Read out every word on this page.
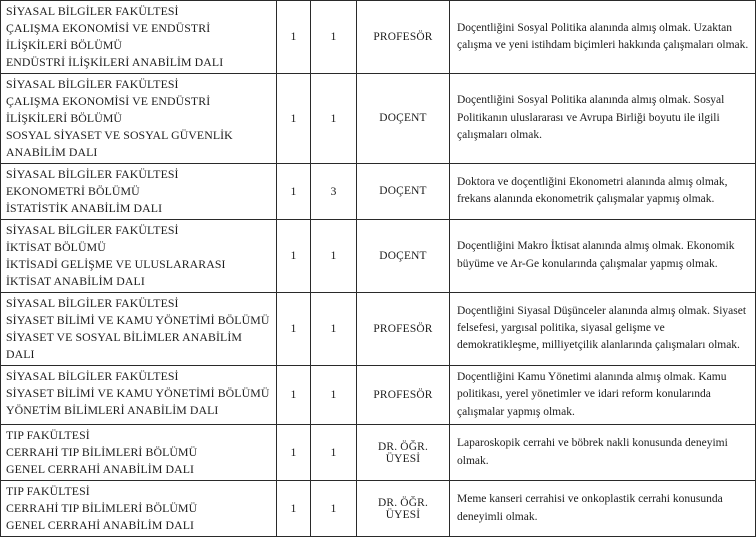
SİYASAL BİLGİLER FAKÜLTESİ
ÇALIŞMA EKONOMİSİ VE ENDÜSTRİ İLİŞKİLERİ BÖLÜMÜ
ENDÜSTRİ İLİŞKİLERİ ANABİLİM DALI	1	1	PROFESÖR	Doçentliğini Sosyal Politika alanında almış olmak. Uzaktan çalışma ve yeni istihdam biçimleri hakkında çalışmaları olmak.

SİYASAL BİLGİLER FAKÜLTESİ
ÇALIŞMA EKONOMİSİ VE ENDÜSTRİ İLİŞKİLERİ BÖLÜMÜ
SOSYAL SİYASET VE SOSYAL GÜVENLİK ANABİLİM DALI	1	1	DOÇENT	Doçentliğini Sosyal Politika alanında almış olmak. Sosyal Politikanın uluslararası ve Avrupa Birliği boyutu ile ilgili çalışmaları olmak.

SİYASAL BİLGİLER FAKÜLTESİ
EKONOMETRİ BÖLÜMÜ
İSTATİSTİK ANABİLİM DALI	1	3	DOÇENT	Doktora ve doçentliğini Ekonometri alanında almış olmak, frekans alanında ekonometrik çalışmalar yapmış olmak.

SİYASAL BİLGİLER FAKÜLTESİ
İKTİSAT BÖLÜMÜ
İKTİSADİ GELİŞME VE ULUSLARARASI İKTİSAT ANABİLİM DALI	1	1	DOÇENT	Doçentliğini Makro İktisat alanında almış olmak. Ekonomik büyüme ve Ar-Ge konularında çalışmalar yapmış olmak.

SİYASAL BİLGİLER FAKÜLTESİ
SİYASET BİLİMİ VE KAMU YÖNETİMİ BÖLÜMÜ
SİYASET VE SOSYAL BİLİMLER ANABİLİM DALI	1	1	PROFESÖR	Doçentliğini Siyasal Düşünceler alanında almış olmak. Siyaset felsefesi, yargısal politika, siyasal gelişme ve demokratikleşme, milliyetçilik alanlarında çalışmaları olmak.

SİYASAL BİLGİLER FAKÜLTESİ
SİYASET BİLİMİ VE KAMU YÖNETİMİ BÖLÜMÜ
YÖNETİM BİLİMLERİ ANABİLİM DALI	1	1	PROFESÖR	Doçentliğini Kamu Yönetimi alanında almış olmak. Kamu politikası, yerel yönetimler ve idari reform konularında çalışmalar yapmış olmak.

TIP FAKÜLTESİ
CERRAHİ TIP BİLİMLERİ BÖLÜMÜ
GENEL CERRAHİ ANABİLİM DALI	1	1	DR. ÖĞR. ÜYESİ	Laparoskopik cerrahi ve böbrek nakli konusunda deneyimi olmak.

TIP FAKÜLTESİ
CERRAHİ TIP BİLİMLERİ BÖLÜMÜ
GENEL CERRAHİ ANABİLİM DALI	1	1	DR. ÖĞR. ÜYESİ	Meme kanseri cerrahisi ve onkoplastik cerrahi konusunda deneyimli olmak.
